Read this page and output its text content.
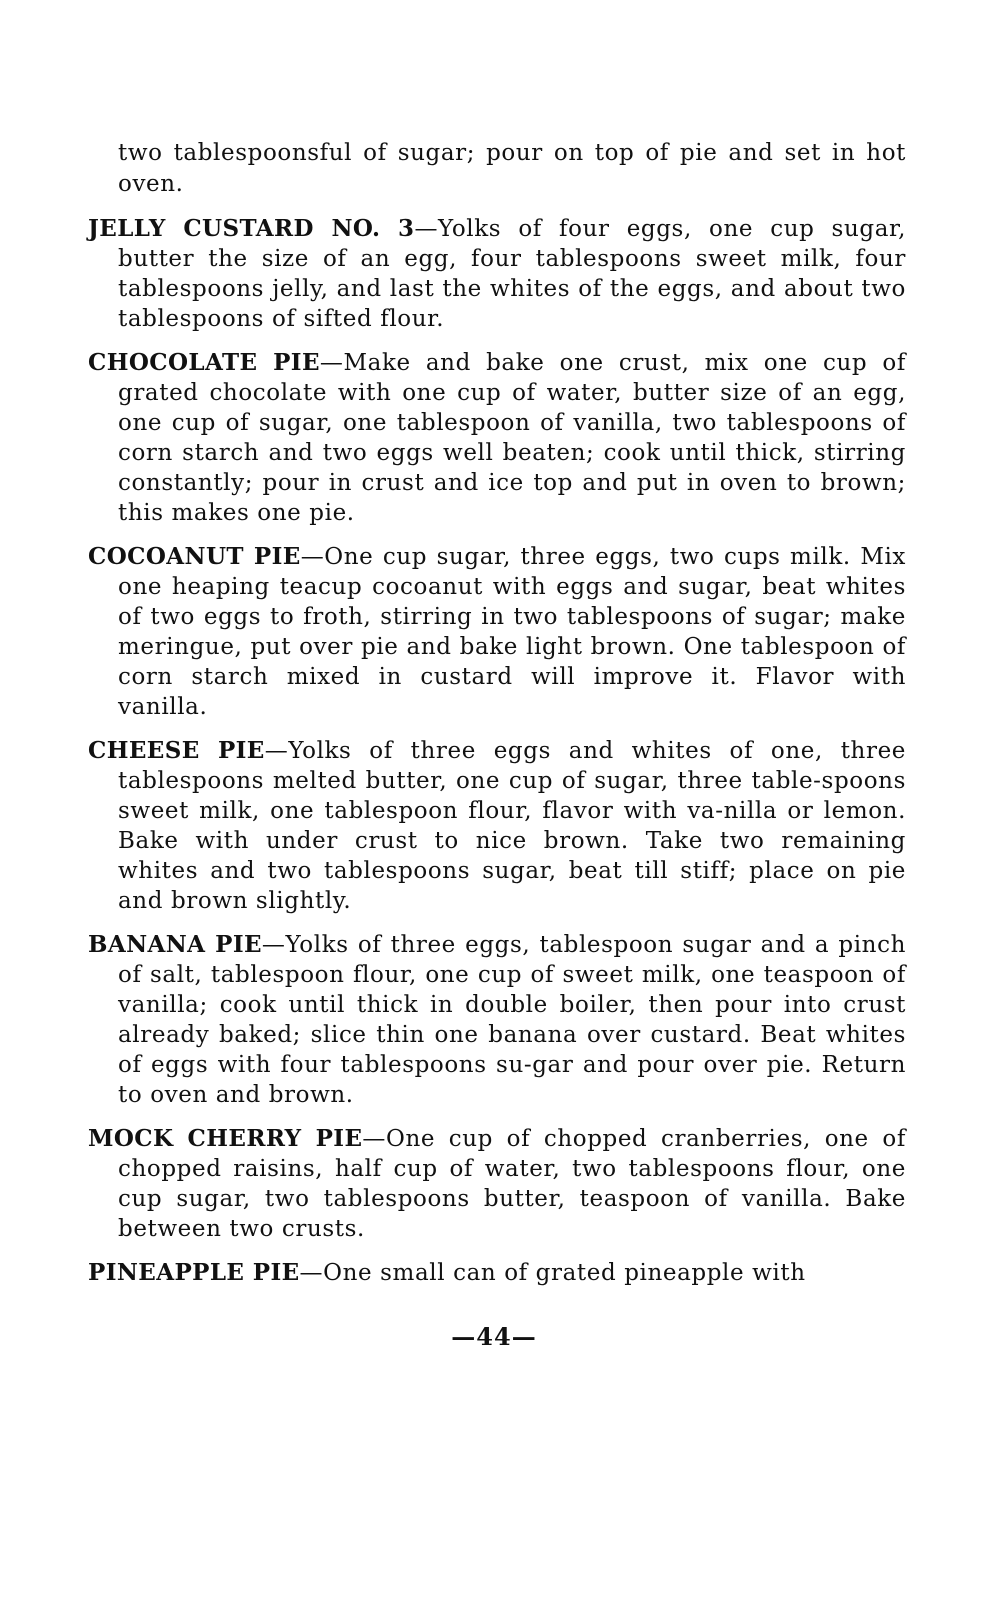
two tablespoonsful of sugar; pour on top of pie and set in hot oven.

JELLY CUSTARD NO. 3—Yolks of four eggs, one cup sugar, butter the size of an egg, four tablespoons sweet milk, four tablespoons jelly, and last the whites of the eggs, and about two tablespoons of sifted flour.

CHOCOLATE PIE—Make and bake one crust, mix one cup of grated chocolate with one cup of water, butter size of an egg, one cup of sugar, one tablespoon of vanilla, two tablespoons of corn starch and two eggs well beaten; cook until thick, stirring constantly; pour in crust and ice top and put in oven to brown; this makes one pie.

COCOANUT PIE—One cup sugar, three eggs, two cups milk. Mix one heaping teacup cocoanut with eggs and sugar, beat whites of two eggs to froth, stirring in two tablespoons of sugar; make meringue, put over pie and bake light brown. One tablespoon of corn starch mixed in custard will improve it. Flavor with vanilla.

CHEESE PIE—Yolks of three eggs and whites of one, three tablespoons melted butter, one cup of sugar, three table-spoons sweet milk, one tablespoon flour, flavor with va-nilla or lemon. Bake with under crust to nice brown. Take two remaining whites and two tablespoons sugar, beat till stiff; place on pie and brown slightly.

BANANA PIE—Yolks of three eggs, tablespoon sugar and a pinch of salt, tablespoon flour, one cup of sweet milk, one teaspoon of vanilla; cook until thick in double boiler, then pour into crust already baked; slice thin one banana over custard. Beat whites of eggs with four tablespoons su-gar and pour over pie. Return to oven and brown.

MOCK CHERRY PIE—One cup of chopped cranberries, one of chopped raisins, half cup of water, two tablespoons flour, one cup sugar, two tablespoons butter, teaspoon of vanilla. Bake between two crusts.

PINEAPPLE PIE—One small can of grated pineapple with

—44—
